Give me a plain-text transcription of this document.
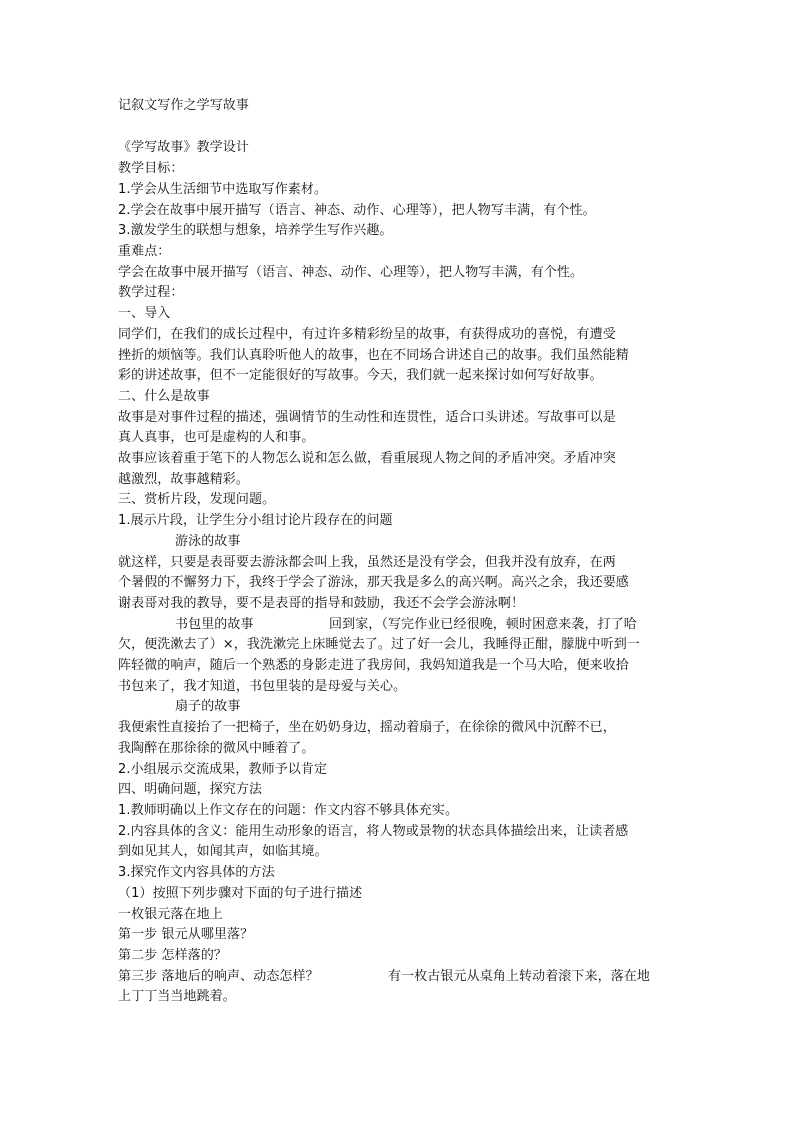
记叙文写作之学写故事
《学写故事》教学设计
教学目标：
1.学会从生活细节中选取写作素材。
2.学会在故事中展开描写（语言、神态、动作、心理等），把人物写丰满，有个性。
3.激发学生的联想与想象，培养学生写作兴趣。
重难点：
学会在故事中展开描写（语言、神态、动作、心理等），把人物写丰满，有个性。
教学过程：
一、导入
同学们，在我们的成长过程中，有过许多精彩纷呈的故事，有获得成功的喜悦，有遭受
挫折的烦恼等。我们认真聆听他人的故事，也在不同场合讲述自己的故事。我们虽然能精
彩的讲述故事，但不一定能很好的写故事。今天，我们就一起来探讨如何写好故事。
二、什么是故事
故事是对事件过程的描述，强调情节的生动性和连贯性，适合口头讲述。写故事可以是
真人真事，也可是虚构的人和事。
故事应该着重于笔下的人物怎么说和怎么做，看重展现人物之间的矛盾冲突。矛盾冲突
越激烈，故事越精彩。
三、赏析片段，发现问题。
1.展示片段，让学生分小组讨论片段存在的问题
游泳的故事
就这样，只要是表哥要去游泳都会叫上我，虽然还是没有学会，但我并没有放弃，在两
个暑假的不懈努力下，我终于学会了游泳，那天我是多么的高兴啊。高兴之余，我还要感
谢表哥对我的教导，要不是表哥的指导和鼓励，我还不会学会游泳啊！
书包里的故事	回到家，（写完作业已经很晚，顿时困意来袭，打了哈
欠，便洗漱去了）×，我洗漱完上床睡觉去了。过了好一会儿，我睡得正酣，朦胧中听到一
阵轻微的响声，随后一个熟悉的身影走进了我房间，我妈知道我是一个马大哈，便来收拾
书包来了，我才知道，书包里装的是母爱与关心。
扇子的故事
我便索性直接抬了一把椅子，坐在奶奶身边，摇动着扇子，在徐徐的微风中沉醉不已，
我陶醉在那徐徐的微风中睡着了。
2.小组展示交流成果，教师予以肯定
四、明确问题，探究方法
1.教师明确以上作文存在的问题：作文内容不够具体充实。
2.内容具体的含义：能用生动形象的语言，将人物或景物的状态具体描绘出来，让读者感
到如见其人，如闻其声，如临其境。
3.探究作文内容具体的方法
（1）按照下列步骤对下面的句子进行描述
一枚银元落在地上
第一步 银元从哪里落？
第二步 怎样落的？
第三步 落地后的响声、动态怎样？	有一枚古银元从桌角上转动着滚下来，落在地
上丁丁当当地跳着。
